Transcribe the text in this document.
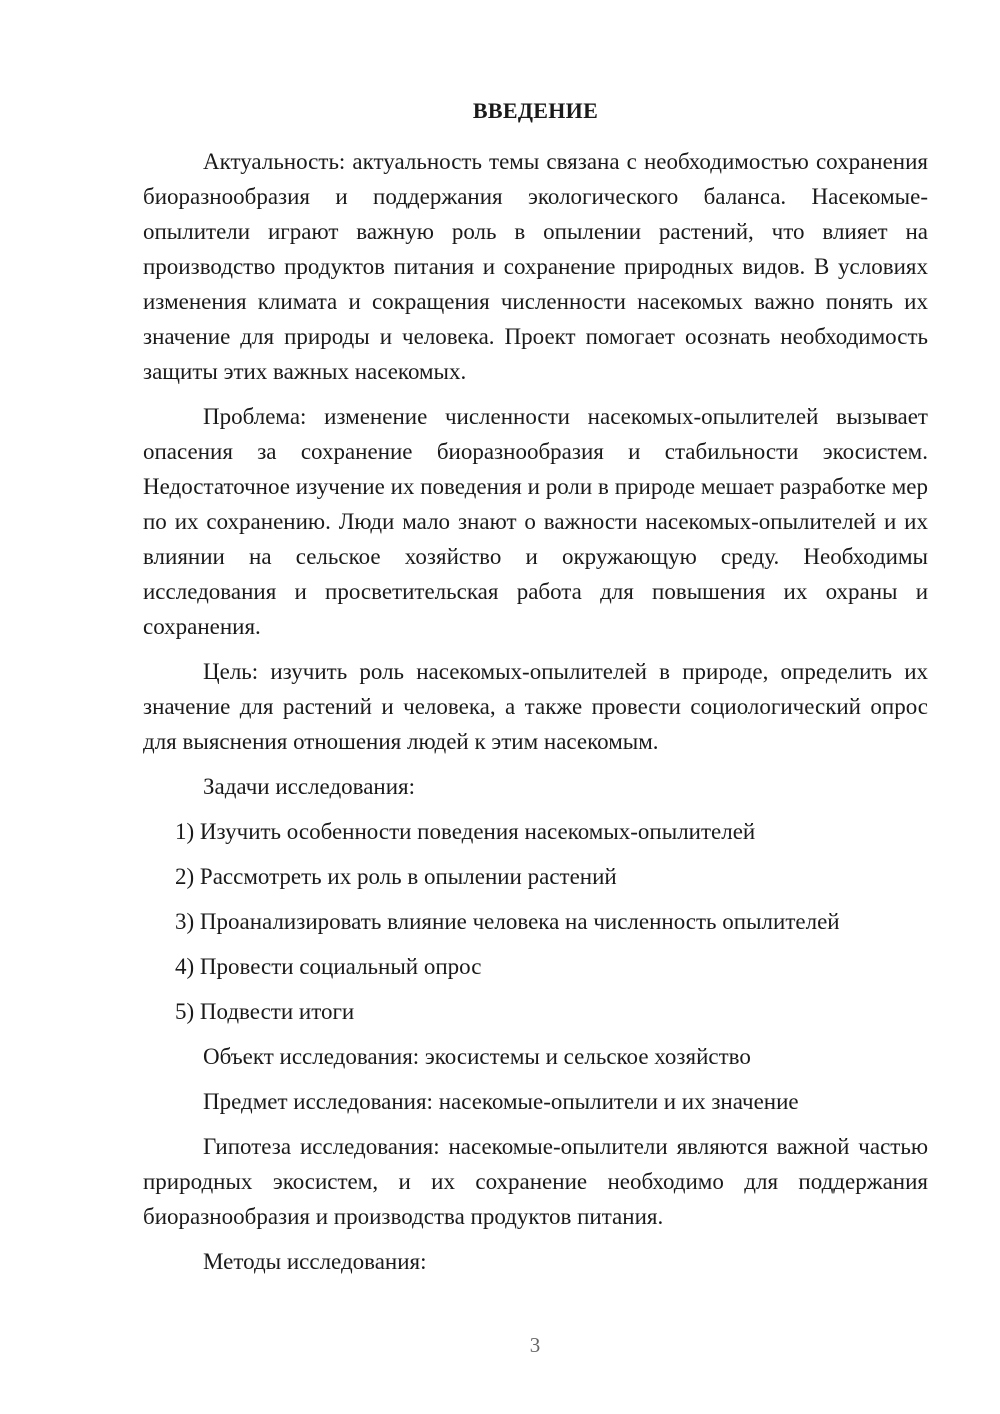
ВВЕДЕНИЕ

Актуальность: актуальность темы связана с необходимостью сохранения биоразнообразия и поддержания экологического баланса. Насекомые-опылители играют важную роль в опылении растений, что влияет на производство продуктов питания и сохранение природных видов. В условиях изменения климата и сокращения численности насекомых важно понять их значение для природы и человека. Проект помогает осознать необходимость защиты этих важных насекомых.

Проблема: изменение численности насекомых-опылителей вызывает опасения за сохранение биоразнообразия и стабильности экосистем. Недостаточное изучение их поведения и роли в природе мешает разработке мер по их сохранению. Люди мало знают о важности насекомых-опылителей и их влиянии на сельское хозяйство и окружающую среду. Необходимы исследования и просветительская работа для повышения их охраны и сохранения.

Цель: изучить роль насекомых-опылителей в природе, определить их значение для растений и человека, а также провести социологический опрос для выяснения отношения людей к этим насекомым.

Задачи исследования:
1) Изучить особенности поведения насекомых-опылителей
2) Рассмотреть их роль в опылении растений
3) Проанализировать влияние человека на численность опылителей
4) Провести социальный опрос
5) Подвести итоги
Объект исследования: экосистемы и сельское хозяйство
Предмет исследования: насекомые-опылители и их значение

Гипотеза исследования: насекомые-опылители являются важной частью природных экосистем, и их сохранение необходимо для поддержания биоразнообразия и производства продуктов питания.

Методы исследования:
3
